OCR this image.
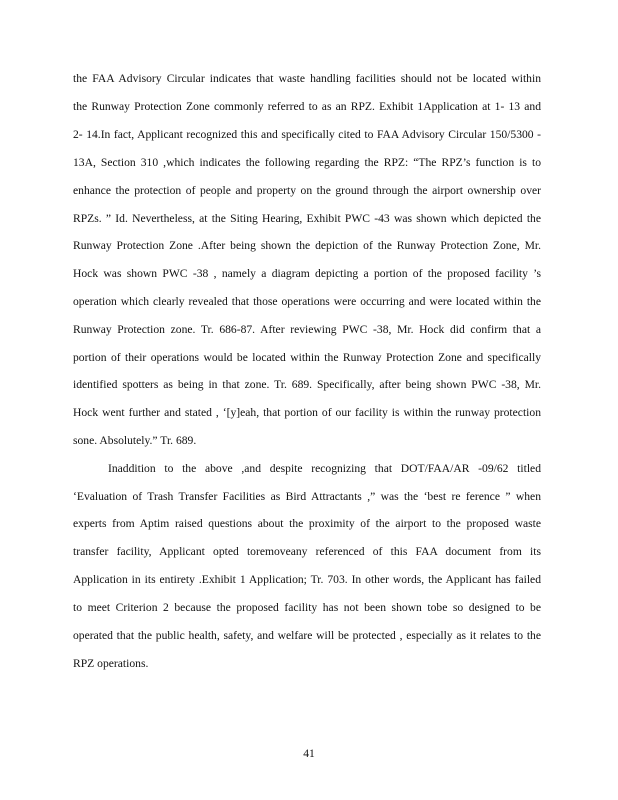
the FAA Advisory Circular indicates that waste handling facilities should not be located within
the Runway Protection Zone commonly referred to as an RPZ. Exhibit 1Application at 1- 13 and
2- 14.In fact, Applicant recognized this and specifically cited to FAA Advisory Circular 150/5300 -
13A, Section 310 ,which indicates the following regarding the RPZ: “The RPZ’s function is to
enhance the protection of people and property on the ground through the airport ownership over
RPZs. ” Id. Nevertheless, at the Siting Hearing, Exhibit PWC -43 was shown which depicted the
Runway Protection Zone .After being shown the depiction of the Runway Protection Zone, Mr.
Hock was shown PWC -38 , namely a diagram depicting a portion of the proposed facility ’s
operation which clearly revealed that those operations were occurring and were located within the
Runway Protection zone. Tr. 686-87. After reviewing PWC -38, Mr. Hock did confirm that a
portion of their operations would be located within the Runway Protection Zone and specifically
identified spotters as being in that zone. Tr. 689. Specifically, after being shown PWC -38, Mr.
Hock went further and stated , ‘[y]eah, that portion of our facility is within the runway protection
sone. Absolutely.” Tr. 689.
Inaddition to the above ,and despite recognizing that DOT/FAA/AR -09/62 titled
‘Evaluation of Trash Transfer Facilities as Bird Attractants ,” was the ‘best re ference ” when
experts from Aptim raised questions about the proximity of the airport to the proposed waste
transfer facility, Applicant opted toremoveany referenced of this FAA document from its
Application in its entirety .Exhibit 1 Application; Tr. 703. In other words, the Applicant has failed
to meet Criterion 2 because the proposed facility has not been shown tobe so designed to be
operated that the public health, safety, and welfare will be protected , especially as it relates to the
RPZ operations.
41
